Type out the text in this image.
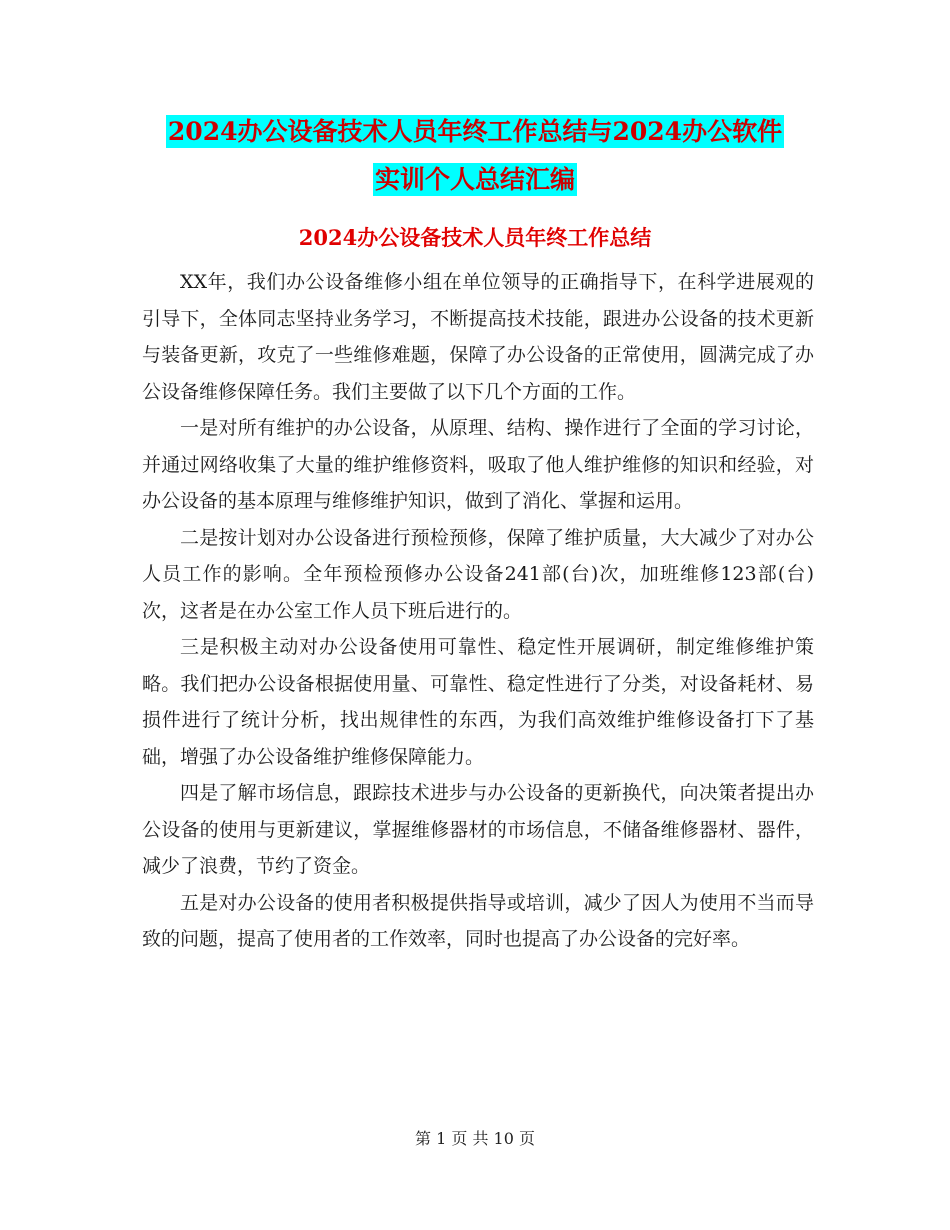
2024办公设备技术人员年终工作总结与2024办公软件
实训个人总结汇编
2024办公设备技术人员年终工作总结

XX年，我们办公设备维修小组在单位领导的正确指导下，在科学进展观的引导下，全体同志坚持业务学习，不断提高技术技能，跟进办公设备的技术更新与装备更新，攻克了一些维修难题，保障了办公设备的正常使用，圆满完成了办公设备维修保障任务。我们主要做了以下几个方面的工作。

一是对所有维护的办公设备，从原理、结构、操作进行了全面的学习讨论，并通过网络收集了大量的维护维修资料，吸取了他人维护维修的知识和经验，对办公设备的基本原理与维修维护知识，做到了消化、掌握和运用。

二是按计划对办公设备进行预检预修，保障了维护质量，大大减少了对办公人员工作的影响。全年预检预修办公设备241部(台)次，加班维修123部(台)次，这者是在办公室工作人员下班后进行的。

三是积极主动对办公设备使用可靠性、稳定性开展调研，制定维修维护策略。我们把办公设备根据使用量、可靠性、稳定性进行了分类，对设备耗材、易损件进行了统计分析，找出规律性的东西，为我们高效维护维修设备打下了基础，增强了办公设备维护维修保障能力。

四是了解市场信息，跟踪技术进步与办公设备的更新换代，向决策者提出办公设备的使用与更新建议，掌握维修器材的市场信息，不储备维修器材、器件，减少了浪费，节约了资金。

五是对办公设备的使用者积极提供指导或培训，减少了因人为使用不当而导致的问题，提高了使用者的工作效率，同时也提高了办公设备的完好率。

第 1 页 共 10 页
